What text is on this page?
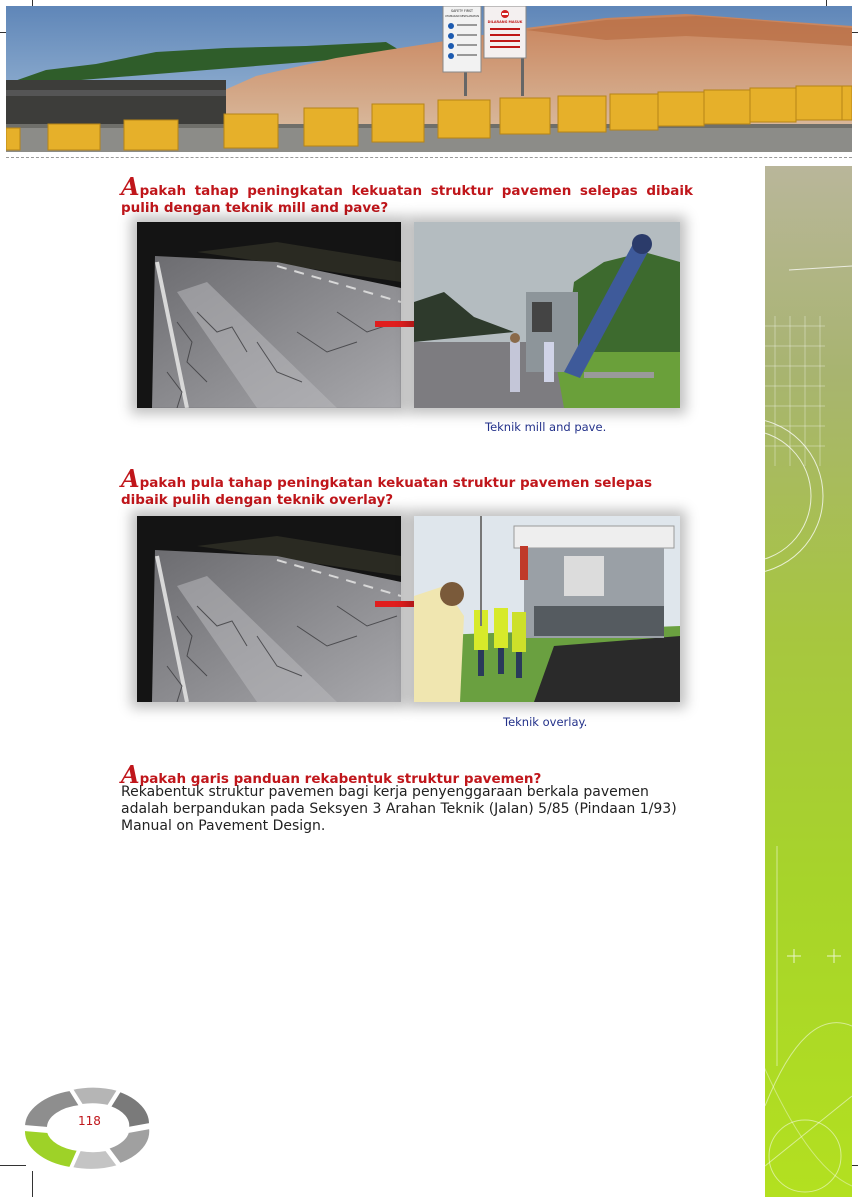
SAFETY FIRST
UTAMAKAN KESELAMATAN
DILARANG MASUK
Apakah tahap peningkatan kekuatan struktur pavemen selepas dibaik pulih dengan teknik mill and pave?
Teknik mill and pave.
Apakah pula tahap peningkatan kekuatan struktur pavemen selepas dibaik pulih dengan teknik overlay?
Teknik overlay.
Apakah garis panduan rekabentuk struktur pavemen?
Rekabentuk struktur pavemen bagi kerja penyenggaraan berkala pavemen adalah berpandukan pada Seksyen 3 Arahan Teknik (Jalan) 5/85 (Pindaan 1/93) Manual on Pavement Design.
118
